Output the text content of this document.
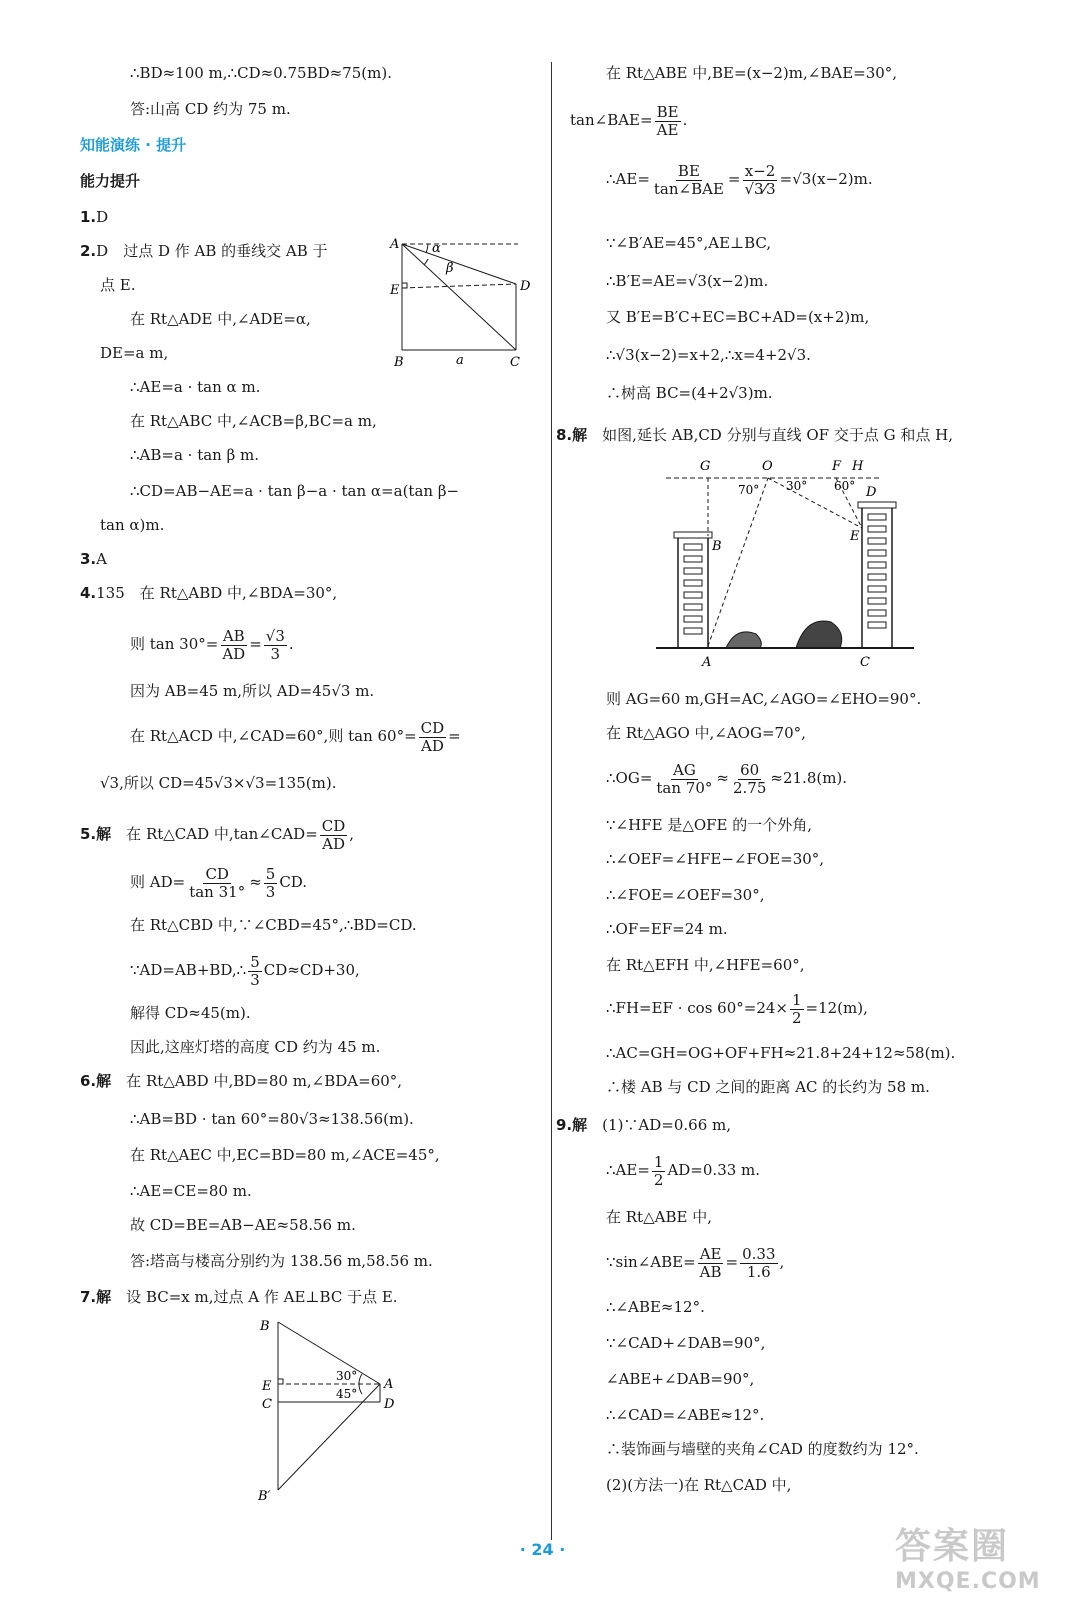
∴BD≈100 m,∴CD≈0.75BD≈75(m).
答:山高 CD 约为 75 m.
知能演练 · 提升
能力提升
1.D
2.D　 过点 D 作 AB 的垂线交 AB 于
点 E.
在 Rt△ADE 中,∠ADE=α,
DE=a m,
∴AE=a · tan α m.
在 Rt△ABC 中,∠ACB=β,BC=a m,
∴AB=a · tan β m.
∴CD=AB−AE=a · tan β−a · tan α=a(tan β−
tan α)m.
A
E
B	C
D
α
β
a
3.A
4.135　在 Rt△ABD 中,∠BDA=30°,
则 $\tan 30^\circ= \frac{AB}{AD} = \frac{√3}{3}$ .
因为 AB=45 m,所以 AD=45√3 m.
在 Rt△ACD 中,∠CAD=60°,则 $\tan 60^\circ= \frac{CD}{AD}$ =
√3,所以 CD=45√3×√3=135(m).
5.解　 在 Rt△CAD 中,tan∠CAD= $\frac{CD}{AD}$ ,
则 $AD= \frac{CD}{\tan 31^\circ} \approx \frac{5}{3}$ CD.
在 Rt△CBD 中,∵∠CBD=45°,∴BD=CD.
∵AD=AB+BD,∴ $\frac{5}{3} CD\approx CD+30$,
解得 CD≈45(m).
因此,这座灯塔的高度 CD 约为 45 m.
6.解　 在 Rt△ABD 中,BD=80 m,∠BDA=60°,
∴AB=BD · tan 60°=80√3≈138.56(m).
在 Rt△AEC 中,EC=BD=80 m,∠ACE=45°,
∴AE=CE=80 m.
故 CD=BE=AB−AE≈58.56 m.
答:塔高与楼高分别约为 138.56 m,58.56 m.
7.解　 设 BC=x m,过点 A 作 AE⊥BC 于点 E.
B
E
C
A
D
B′
30°
45°
在 Rt△ABE 中,BE=(x−2)m,∠BAE=30°,
tan∠BAE= $\frac{BE}{AE}$ .
∴AE= $\frac{BE}{\text{tan∠BAE}} = \frac{x-2}{√3⁄3} =√3(x-2)m$.
∵∠B′AE=45°,AE⊥BC,
∴B′E=AE=√3(x−2)m.
又 B′E=B′C+EC=BC+AD=(x+2)m,
∴√3(x−2)=x+2,∴x=4+2√3.
∴树高 BC=(4+2√3)m.
8.解　 如图,延长 AB,CD 分别与直线 OF 交于点 G 和点 H,
G	O	F H
D
B
E
A	C
70° 30° 60°
则 AG=60 m,GH=AC,∠AGO=∠EHO=90°.
在 Rt△AGO 中,∠AOG=70°,
∴OG= $\frac{AG}{\tan 70^\circ} \approx \frac{60}{2.75} \approx 21.8(m)$.
∵∠HFE 是△OFE 的一个外角,
∴∠OEF=∠HFE−∠FOE=30°,
∴∠FOE=∠OEF=30°,
∴OF=EF=24 m.
在 Rt△EFH 中,∠HFE=60°,
∴FH=EF · $\cos 60^\circ=24\times \frac{1}{2} =12(m)$,
∴AC=GH=OG+OF+FH≈21.8+24+12≈58(m).
∴楼 AB 与 CD 之间的距离 AC 的长约为 58 m.
9.解　 (1)∵AD=0.66 m,
∴AE= $\frac{1}{2} AD=0.33$ m.
在 Rt△ABE 中,
∵sin∠ABE= $\frac{AE}{AB} = \frac{0.33}{1.6}$ ,
∴∠ABE≈12°.
∵∠CAD+∠DAB=90°,
∠ABE+∠DAB=90°,
∴∠CAD=∠ABE≈12°.
∴装饰画与墙壁的夹角∠CAD 的度数约为 12°.
(2)(方法一)在 Rt△CAD 中,
· 24 ·	答案圈
MXQE.COM
